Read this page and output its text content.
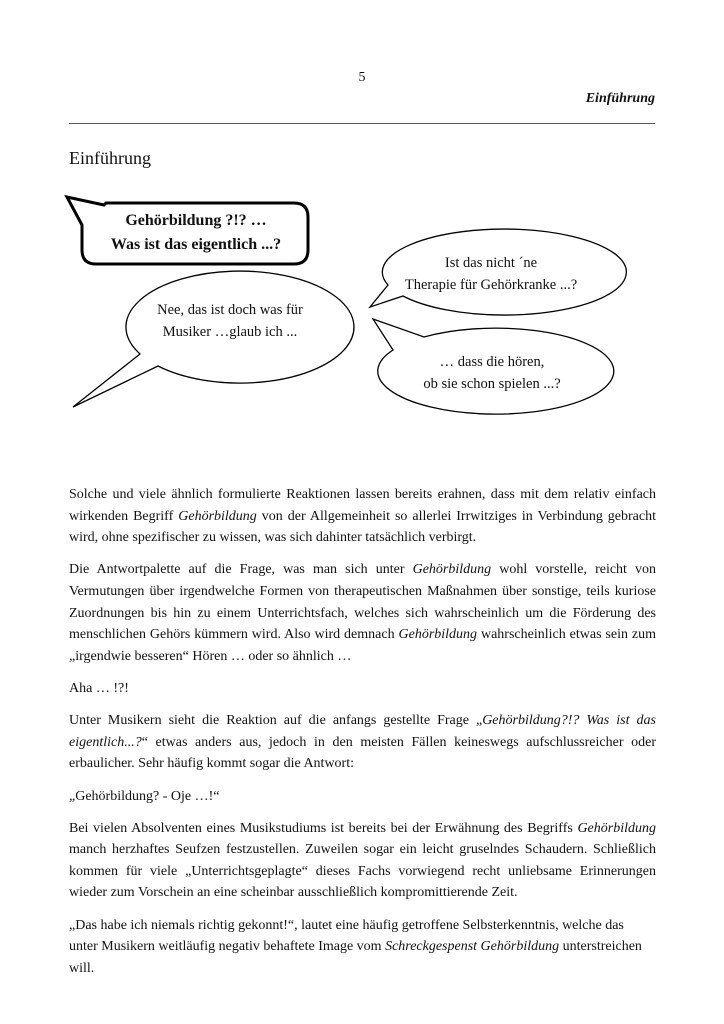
5
Einführung
Einführung
Gehörbildung ?!? …
Was ist das eigentlich ...?
Ist das nicht ´ne
Therapie für Gehörkranke ...?
Nee, das ist doch was für
Musiker …glaub ich ...
… dass die hören,
ob sie schon spielen ...?

Solche und viele ähnlich formulierte Reaktionen lassen bereits erahnen, dass mit dem relativ einfach wirkenden Begriff Gehörbildung von der Allgemeinheit so allerlei Irrwitziges in Verbindung gebracht wird, ohne spezifischer zu wissen, was sich dahinter tatsächlich verbirgt.

Die Antwortpalette auf die Frage, was man sich unter Gehörbildung wohl vorstelle, reicht von Vermutungen über irgendwelche Formen von therapeutischen Maßnahmen über sonstige, teils kuriose Zuordnungen bis hin zu einem Unterrichtsfach, welches sich wahrscheinlich um die Förderung des menschlichen Gehörs kümmern wird. Also wird demnach Gehörbildung wahrscheinlich etwas sein zum „irgendwie besseren“ Hören … oder so ähnlich …

Aha … !?!

Unter Musikern sieht die Reaktion auf die anfangs gestellte Frage „Gehörbildung?!? Was ist das eigentlich...?“ etwas anders aus, jedoch in den meisten Fällen keineswegs aufschlussreicher oder erbaulicher. Sehr häufig kommt sogar die Antwort:

„Gehörbildung? - Oje …!“

Bei vielen Absolventen eines Musikstudiums ist bereits bei der Erwähnung des Begriffs Gehörbildung manch herzhaftes Seufzen festzustellen. Zuweilen sogar ein leicht gruselndes Schaudern. Schließlich kommen für viele „Unterrichtsgeplagte“ dieses Fachs vorwiegend recht unliebsame Erinnerungen wieder zum Vorschein an eine scheinbar ausschließlich kompromittierende Zeit.

„Das habe ich niemals richtig gekonnt!“, lautet eine häufig getroffene Selbsterkenntnis, welche das unter Musikern weitläufig negativ behaftete Image vom Schreckgespenst Gehörbildung unterstreichen will.
